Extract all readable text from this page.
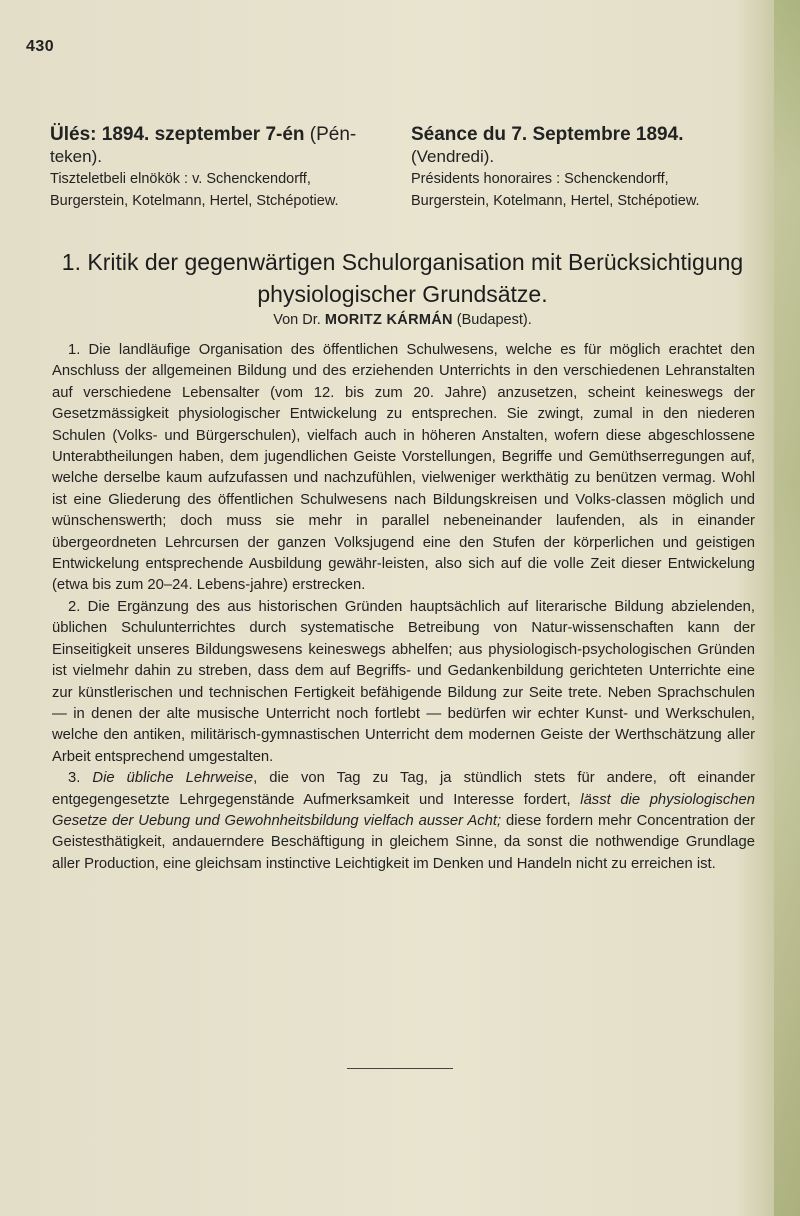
430
Ülés: 1894. szeptember 7-én (Pén-
teken).
Tiszteletbeli elnökök : v. Schenckendorff,
Burgerstein, Kotelmann, Hertel, Stchépotiew.
Séance du 7. Septembre 1894.
(Vendredi).
Présidents honoraires : Schenckendorff,
Burgerstein, Kotelmann, Hertel, Stchépotiew.
1. Kritik der gegenwärtigen Schulorganisation mit Berücksichtigung
physiologischer Grundsätze.
Von Dr. MORITZ KÁRMÁN (Budapest).

1. Die landläufige Organisation des öffentlichen Schulwesens, welche es für möglich erachtet den Anschluss der allgemeinen Bildung und des erziehenden Unterrichts in den verschiedenen Lehranstalten auf verschiedene Lebensalter (vom 12. bis zum 20. Jahre) anzusetzen, scheint keineswegs der Gesetzmässigkeit physiologischer Entwickelung zu entsprechen. Sie zwingt, zumal in den niederen Schulen (Volks- und Bürgerschulen), vielfach auch in höheren Anstalten, wofern diese abgeschlossene Unterabtheilungen haben, dem jugendlichen Geiste Vorstellungen, Begriffe und Gemüthserregungen auf, welche derselbe kaum aufzufassen und nachzufühlen, vielweniger werkthätig zu benützen vermag. Wohl ist eine Gliederung des öffentlichen Schulwesens nach Bildungskreisen und Volks-classen möglich und wünschenswerth; doch muss sie mehr in parallel nebeneinander laufenden, als in einander übergeordneten Lehrcursen der ganzen Volksjugend eine den Stufen der körperlichen und geistigen Entwickelung entsprechende Ausbildung gewähr-leisten, also sich auf die volle Zeit dieser Entwickelung (etwa bis zum 20–24. Lebens-jahre) erstrecken.

2. Die Ergänzung des aus historischen Gründen hauptsächlich auf literarische Bildung abzielenden, üblichen Schulunterrichtes durch systematische Betreibung von Natur-wissenschaften kann der Einseitigkeit unseres Bildungswesens keineswegs abhelfen; aus physiologisch-psychologischen Gründen ist vielmehr dahin zu streben, dass dem auf Begriffs- und Gedankenbildung gerichteten Unterrichte eine zur künstlerischen und technischen Fertigkeit befähigende Bildung zur Seite trete. Neben Sprachschulen — in denen der alte musische Unterricht noch fortlebt — bedürfen wir echter Kunst- und Werkschulen, welche den antiken, militärisch-gymnastischen Unterricht dem modernen Geiste der Werthschätzung aller Arbeit entsprechend umgestalten.

3. Die übliche Lehrweise, die von Tag zu Tag, ja stündlich stets für andere, oft einander entgegengesetzte Lehrgegenstände Aufmerksamkeit und Interesse fordert, lässt die physiologischen Gesetze der Uebung und Gewohnheitsbildung vielfach ausser Acht; diese fordern mehr Concentration der Geistesthätigkeit, andauerndere Beschäftigung in gleichem Sinne, da sonst die nothwendige Grundlage aller Production, eine gleichsam instinctive Leichtigkeit im Denken und Handeln nicht zu erreichen ist.
